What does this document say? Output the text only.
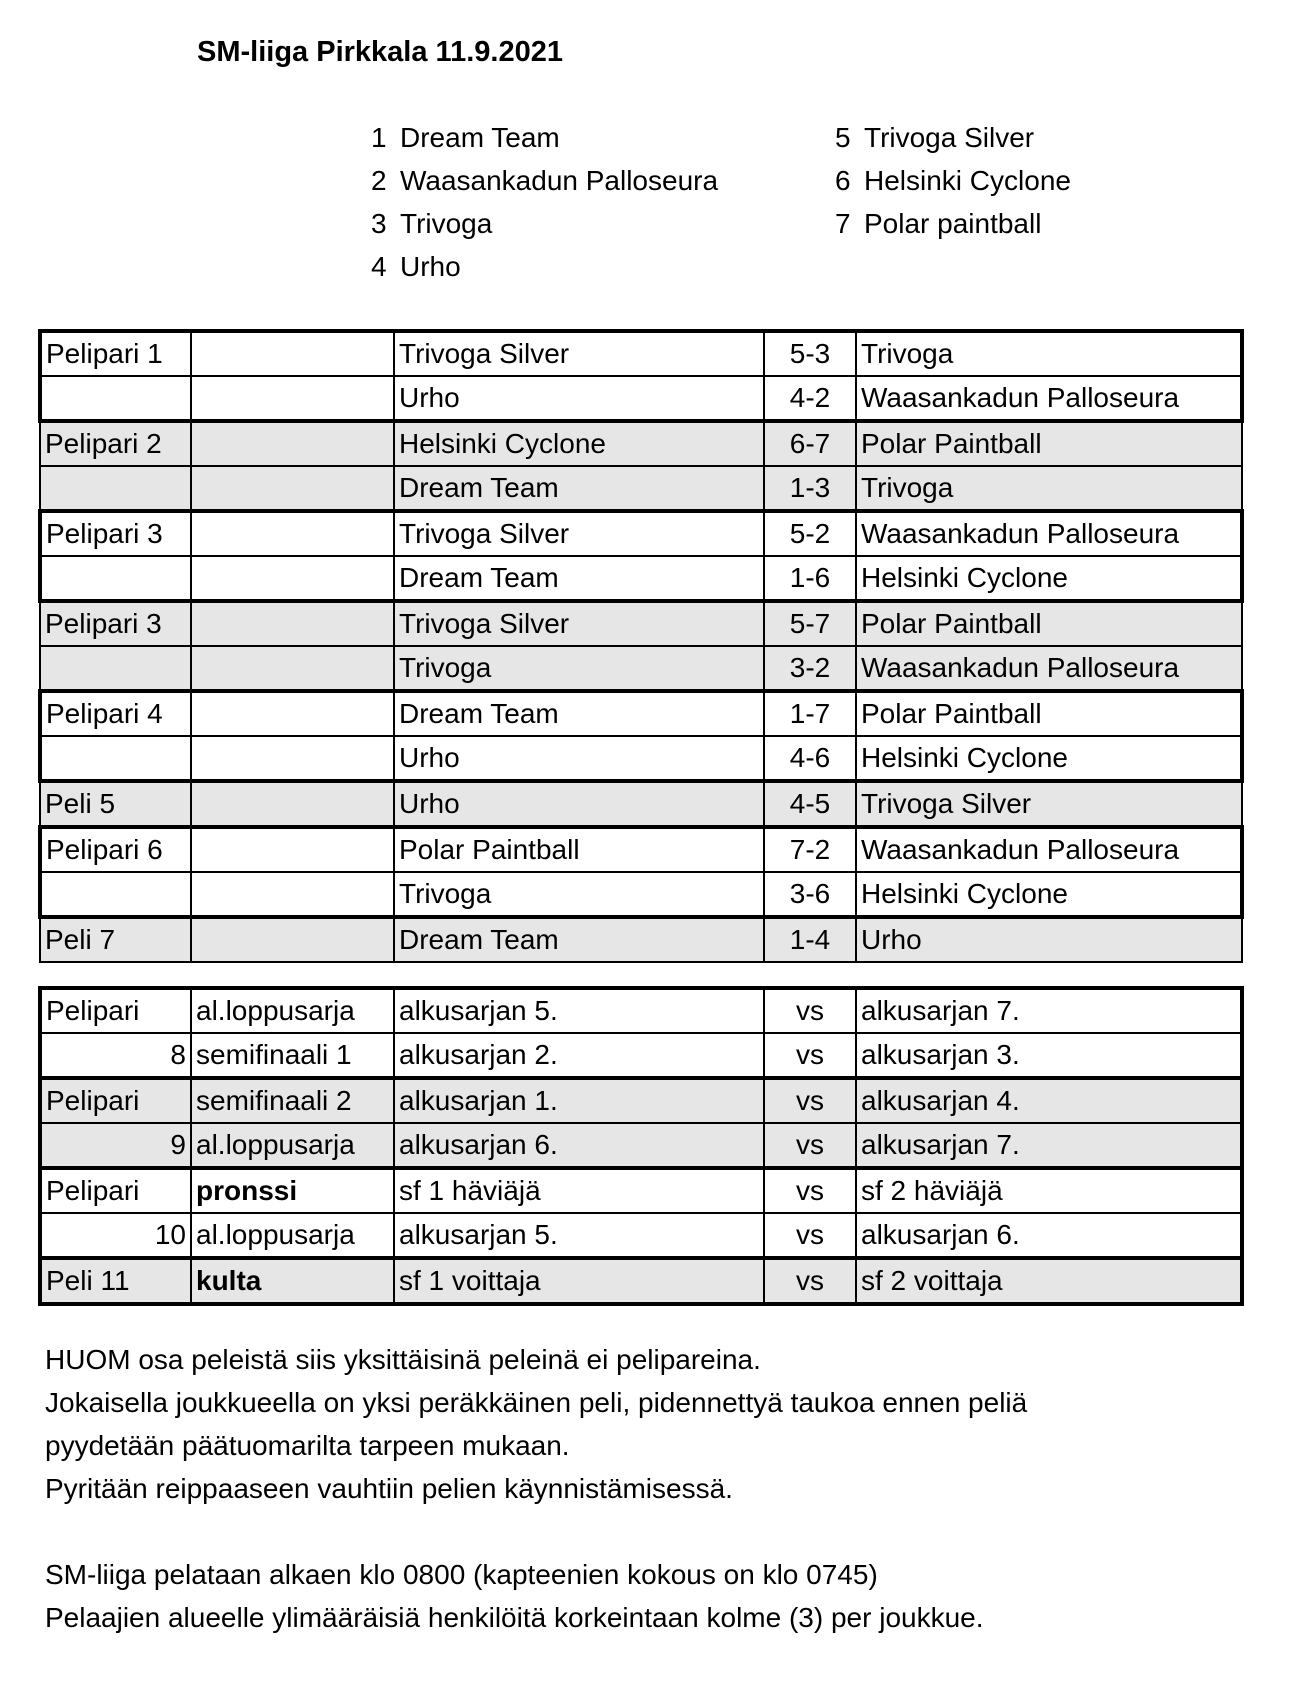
SM-liiga Pirkkala 11.9.2021
1 Dream Team
2 Waasankadun Palloseura
3 Trivoga
4 Urho
5 Trivoga Silver
6 Helsinki Cyclone
7 Polar paintball
Pelipari 1		Trivoga Silver	5-3	Trivoga
		Urho	4-2	Waasankadun Palloseura
Pelipari 2		Helsinki Cyclone	6-7	Polar Paintball
		Dream Team	1-3	Trivoga
Pelipari 3		Trivoga Silver	5-2	Waasankadun Palloseura
		Dream Team	1-6	Helsinki Cyclone
Pelipari 3		Trivoga Silver	5-7	Polar Paintball
		Trivoga	3-2	Waasankadun Palloseura
Pelipari 4		Dream Team	1-7	Polar Paintball
		Urho	4-6	Helsinki Cyclone
Peli 5		Urho	4-5	Trivoga Silver
Pelipari 6		Polar Paintball	7-2	Waasankadun Palloseura
		Trivoga	3-6	Helsinki Cyclone
Peli 7		Dream Team	1-4	Urho
Pelipari	al.loppusarja	alkusarjan 5.	vs	alkusarjan 7.
8	semifinaali 1	alkusarjan 2.	vs	alkusarjan 3.
Pelipari	semifinaali 2	alkusarjan 1.	vs	alkusarjan 4.
9	al.loppusarja	alkusarjan 6.	vs	alkusarjan 7.
Pelipari	pronssi	sf 1 häviäjä	vs	sf 2 häviäjä
10	al.loppusarja	alkusarjan 5.	vs	alkusarjan 6.
Peli 11	kulta	sf 1 voittaja	vs	sf 2 voittaja
HUOM osa peleistä siis yksittäisinä peleinä ei pelipareina.
Jokaisella joukkueella on yksi peräkkäinen peli, pidennettyä taukoa ennen peliä
pyydetään päätuomarilta tarpeen mukaan.
Pyritään reippaaseen vauhtiin pelien käynnistämisessä.
SM-liiga pelataan alkaen klo 0800 (kapteenien kokous on klo 0745)
Pelaajien alueelle ylimääräisiä henkilöitä korkeintaan kolme (3) per joukkue.
